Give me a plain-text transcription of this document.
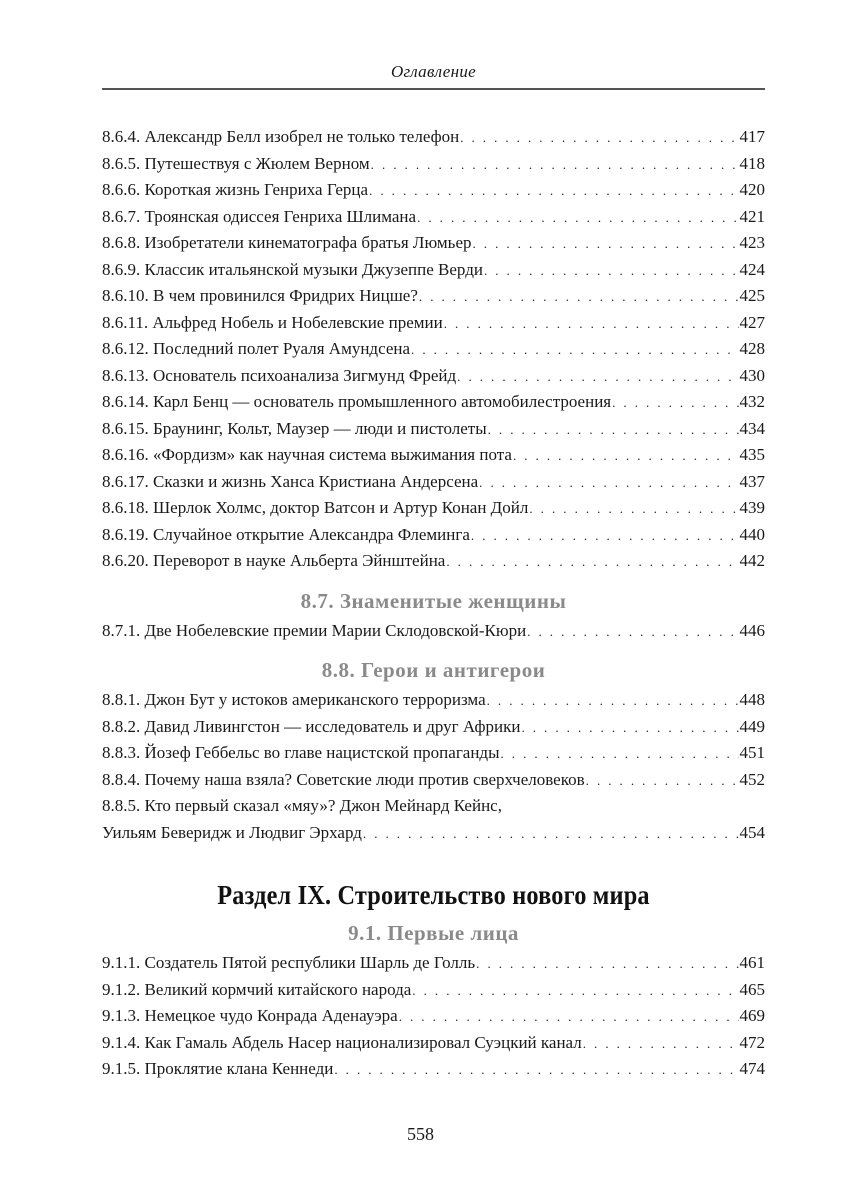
Оглавление
8.6.4. Александр Белл изобрел не только телефон . . .	417
8.6.5. Путешествуя с Жюлем Верном . . .	418
8.6.6. Короткая жизнь Генриха Герца . . .	420
8.6.7. Троянская одиссея Генриха Шлимана . . .	421
8.6.8. Изобретатели кинематографа братья Люмьер . . .	423
8.6.9. Классик итальянской музыки Джузеппе Верди . . .	424
8.6.10. В чем провинился Фридрих Ницше? . . .	425
8.6.11. Альфред Нобель и Нобелевские премии . . .	427
8.6.12. Последний полет Руаля Амундсена . . .	428
8.6.13. Основатель психоанализа Зигмунд Фрейд . . .	430
8.6.14. Карл Бенц — основатель промышленного автомобилестроения . . .	432
8.6.15. Браунинг, Кольт, Маузер — люди и пистолеты . . .	434
8.6.16. «Фордизм» как научная система выжимания пота . . .	435
8.6.17. Сказки и жизнь Ханса Кристиана Андерсена . . .	437
8.6.18. Шерлок Холмс, доктор Ватсон и Артур Конан Дойл . . .	439
8.6.19. Случайное открытие Александра Флеминга . . .	440
8.6.20. Переворот в науке Альберта Эйнштейна . . .	442
8.7. Знаменитые женщины
8.7.1. Две Нобелевские премии Марии Склодовской-Кюри . . .	446
8.8. Герои и антигерои
8.8.1. Джон Бут у истоков американского терроризма . . .	448
8.8.2. Давид Ливингстон — исследователь и друг Африки . . .	449
8.8.3. Йозеф Геббельс во главе нацистской пропаганды . . .	451
8.8.4. Почему наша взяла? Советские люди против сверхчеловеков . . .	452
8.8.5. Кто первый сказал «мяу»? Джон Мейнард Кейнс,
Уильям Беверидж и Людвиг Эрхард . . .	454
Раздел IX. Строительство нового мира
9.1. Первые лица
9.1.1. Создатель Пятой республики Шарль де Голль . . .	461
9.1.2. Великий кормчий китайского народа . . .	465
9.1.3. Немецкое чудо Конрада Аденауэра . . .	469
9.1.4. Как Гамаль Абдель Насер национализировал Суэцкий канал . . .	472
9.1.5. Проклятие клана Кеннеди . . .	474
558
